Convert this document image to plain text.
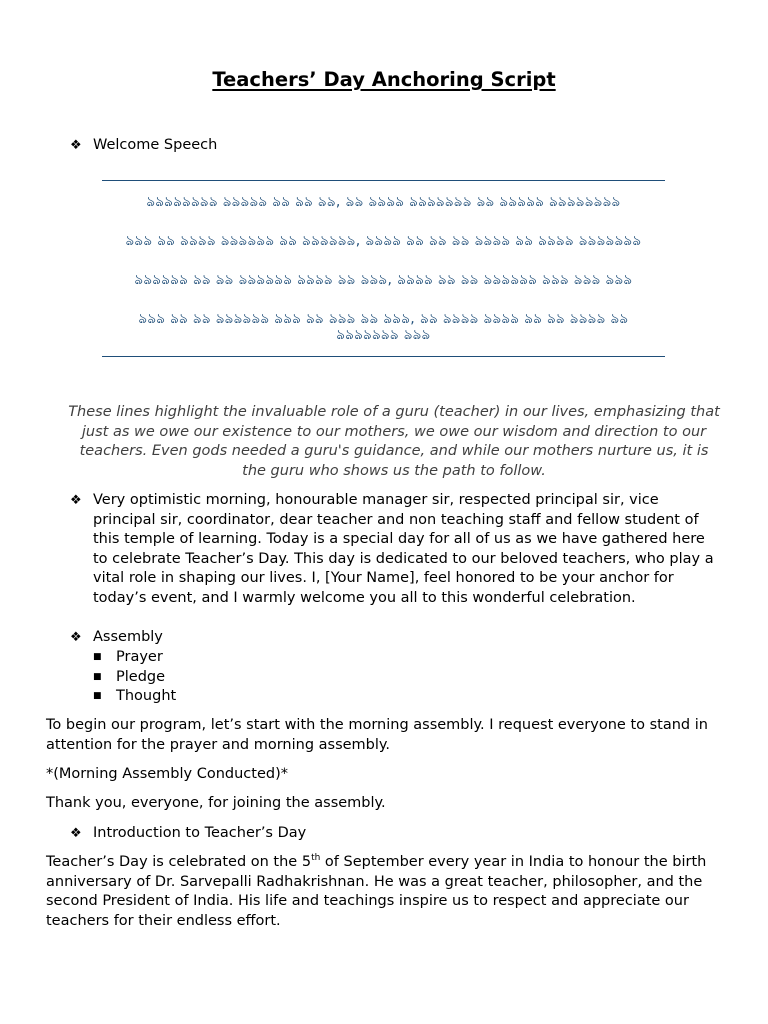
Teachers’ Day Anchoring Script
❖ Welcome Speech
ঌঌঌঌঌঌঌঌ ঌঌঌঌঌ ঌঌ ঌঌ ঌঌ, ঌঌ ঌঌঌঌ ঌঌঌঌঌঌঌ ঌঌ ঌঌঌঌঌ ঌঌঌঌঌঌঌঌ
ঌঌঌ ঌঌ ঌঌঌঌ ঌঌঌঌঌঌ ঌঌ ঌঌঌঌঌঌ, ঌঌঌঌ ঌঌ ঌঌ ঌঌ ঌঌঌঌ ঌঌ ঌঌঌঌ ঌঌঌঌঌঌঌ
ঌঌঌঌঌঌ ঌঌ ঌঌ ঌঌঌঌঌঌ ঌঌঌঌ ঌঌ ঌঌঌ, ঌঌঌঌ ঌঌ ঌঌ ঌঌঌঌঌঌ ঌঌঌ ঌঌঌ ঌঌঌ
ঌঌঌ ঌঌ ঌঌ ঌঌঌঌঌঌ ঌঌঌ ঌঌ ঌঌঌ ঌঌ ঌঌঌ, ঌঌ ঌঌঌঌ ঌঌঌঌ ঌঌ ঌঌ ঌঌঌঌ ঌঌ ঌঌঌঌঌঌঌ ঌঌঌ
These lines highlight the invaluable role of a guru (teacher) in our lives, emphasizing that just as we owe our existence to our mothers, we owe our wisdom and direction to our teachers. Even gods needed a guru's guidance, and while our mothers nurture us, it is the guru who shows us the path to follow.
❖ Very optimistic morning, honourable manager sir, respected principal sir, vice principal sir, coordinator, dear teacher and non teaching staff and fellow student of this temple of learning. Today is a special day for all of us as we have gathered here to celebrate Teacher’s Day. This day is dedicated to our beloved teachers, who play a vital role in shaping our lives. I, [Your Name], feel honored to be your anchor for today’s event, and I warmly welcome you all to this wonderful celebration.
❖ Assembly
■ Prayer
■ Pledge
■ Thought
To begin our program, let’s start with the morning assembly. I request everyone to stand in attention for the prayer and morning assembly.
*(Morning Assembly Conducted)*
Thank you, everyone, for joining the assembly.
❖ Introduction to Teacher’s Day
Teacher’s Day is celebrated on the 5th of September every year in India to honour the birth anniversary of Dr. Sarvepalli Radhakrishnan. He was a great teacher, philosopher, and the second President of India. His life and teachings inspire us to respect and appreciate our teachers for their endless effort.
